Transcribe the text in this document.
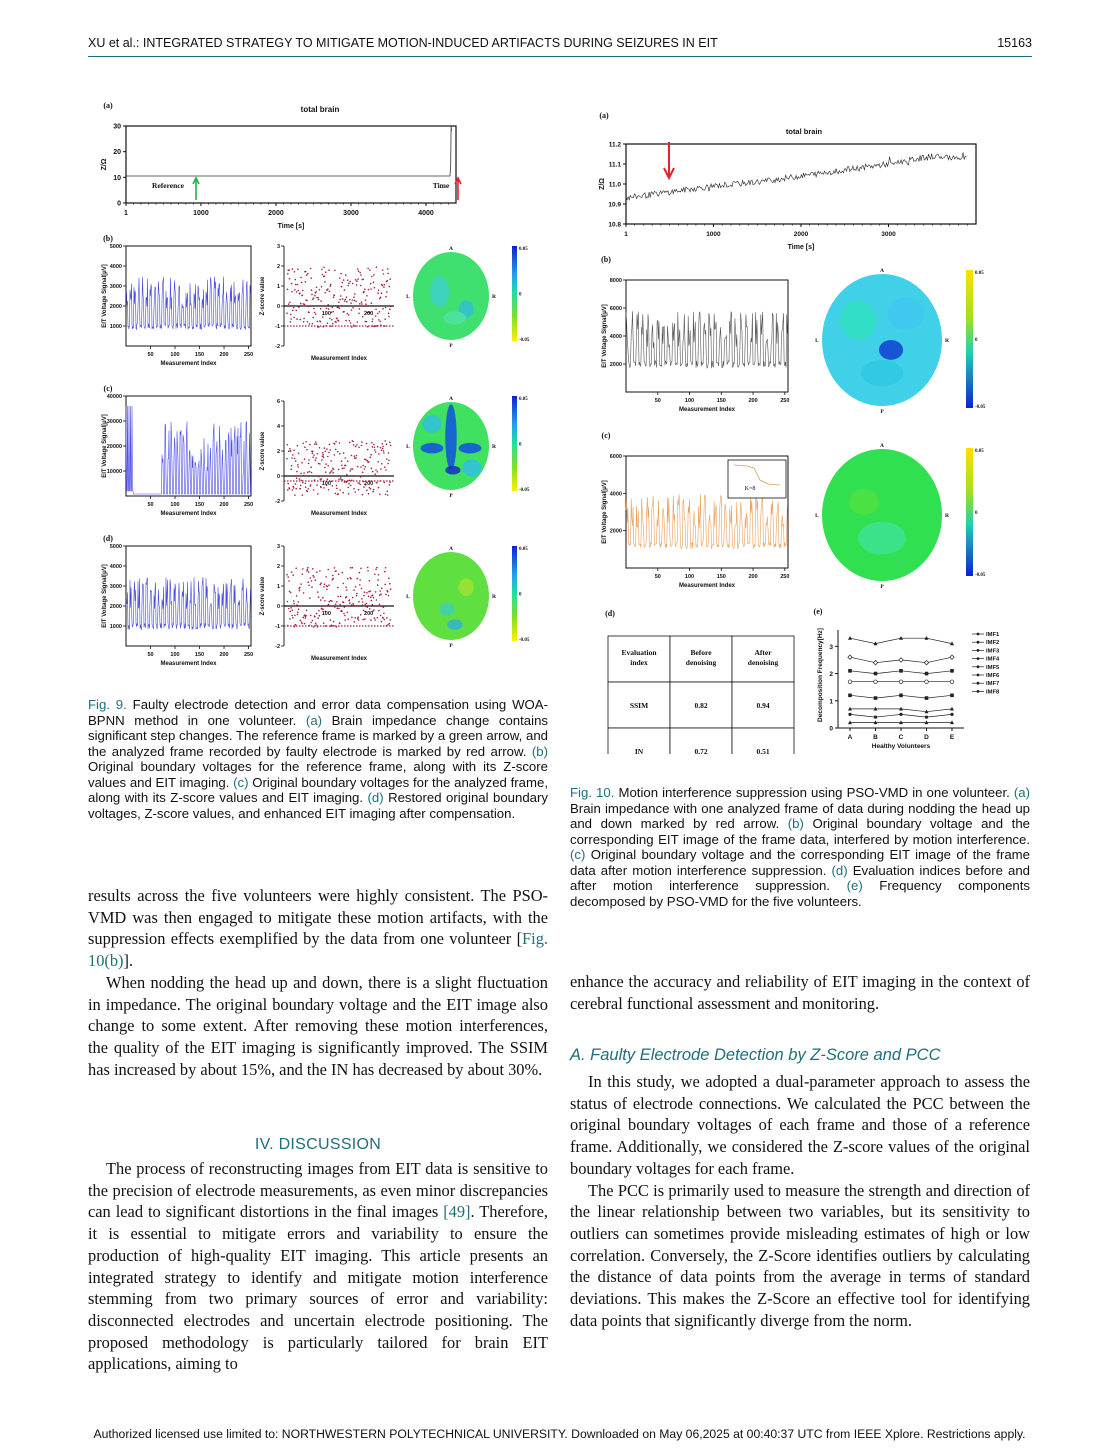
XU et al.: INTEGRATED STRATEGY TO MITIGATE MOTION-INDUCED ARTIFACTS DURING SEIZURES IN EIT	15163
(a)	total brain
0
10
20
30
1	1000	2000	3000	4000
Time [s]
Z/Ω
Reference	Time
(b)
1000
2000
3000
4000
5000
50	100	150	200	250
Measurement Index
EIT Voltage Signal[μV]
-2
-1
0
1
2
3
100	200
Measurement Index
Z-score value
A
P
L	R
0.05
0
-0.05
(c)
10000
20000
30000
40000
50	100	150	200	250
Measurement Index
EIT Voltage Signal[μV]
-2
0
2
4
6
100	200
Measurement Index
Z-score value
A
P
L	R
0.05
0
-0.05
(d)
1000
2000
3000
4000
5000
50	100	150	200	250
Measurement Index
EIT Voltage Signal[μV]
-2
-1
0
1
2
3
100	200
Measurement Index
Z-score value
A
P
L	R
0.05
0
-0.05
Fig. 9. Faulty electrode detection and error data compensation using WOA-BPNN method in one volunteer. (a) Brain impedance change contains significant step changes. The reference frame is marked by a green arrow, and the analyzed frame recorded by faulty electrode is marked by red arrow. (b) Original boundary voltages for the reference frame, along with its Z-score values and EIT imaging. (c) Original boundary voltages for the analyzed frame, along with its Z-score values and EIT imaging. (d) Restored original boundary voltages, Z-score values, and enhanced EIT imaging after compensation.
(a)
total brain
10.8
10.9
11.0
11.1
11.2
1	1000	2000	3000
Time [s]
Z/Ω
(b)
2000
4000
6000
8000
50	100	150	200	250
Measurement Index
EIT Voltage Signal[μV]
A
P
L	R
0.05
0
-0.05
(c)
2000
4000
6000
50	100	150	200	250
Measurement Index
EIT Voltage Signal[μV]	K=8
A
P
L	R
0.05
0
-0.05
(d)
Evaluation
index
Before
denoising
After
denoising
SSIM	0.82	0.94
IN	0.72	0.51
(e)
0
1
2
3
A	B	C	D	E
Healthy Volunteers
Decomposition Frequency[Hz]	IMF1
IMF2
IMF3
IMF4
IMF5
IMF6
IMF7
IMF8
Fig. 10. Motion interference suppression using PSO-VMD in one volunteer. (a) Brain impedance with one analyzed frame of data during nodding the head up and down marked by red arrow. (b) Original boundary voltage and the corresponding EIT image of the frame data, interfered by motion interference. (c) Original boundary voltage and the corresponding EIT image of the frame data after motion interference suppression. (d) Evaluation indices before and after motion interference suppression. (e) Frequency components decomposed by PSO-VMD for the five volunteers.

results across the five volunteers were highly consistent. The PSO-VMD was then engaged to mitigate these motion artifacts, with the suppression effects exemplified by the data from one volunteer [Fig. 10(b)].

When nodding the head up and down, there is a slight fluctuation in impedance. The original boundary voltage and the EIT image also change to some extent. After removing these motion interferences, the quality of the EIT imaging is significantly improved. The SSIM has increased by about 15%, and the IN has decreased by about 30%.

IV. DISCUSSION

The process of reconstructing images from EIT data is sensitive to the precision of electrode measurements, as even minor discrepancies can lead to significant distortions in the final images [49]. Therefore, it is essential to mitigate errors and variability to ensure the production of high-quality EIT imaging. This article presents an integrated strategy to identify and mitigate motion interference stemming from two primary sources of error and variability: disconnected electrodes and uncertain electrode positioning. The proposed methodology is particularly tailored for brain EIT applications, aiming to

enhance the accuracy and reliability of EIT imaging in the context of cerebral functional assessment and monitoring.

A. Faulty Electrode Detection by Z-Score and PCC

In this study, we adopted a dual-parameter approach to assess the status of electrode connections. We calculated the PCC between the original boundary voltages of each frame and those of a reference frame. Additionally, we considered the Z-score values of the original boundary voltages for each frame.

The PCC is primarily used to measure the strength and direction of the linear relationship between two variables, but its sensitivity to outliers can sometimes provide misleading estimates of high or low correlation. Conversely, the Z-Score identifies outliers by calculating the distance of data points from the average in terms of standard deviations. This makes the Z-Score an effective tool for identifying data points that significantly diverge from the norm.

Authorized licensed use limited to: NORTHWESTERN POLYTECHNICAL UNIVERSITY. Downloaded on May 06,2025 at 00:40:37 UTC from IEEE Xplore. Restrictions apply.
